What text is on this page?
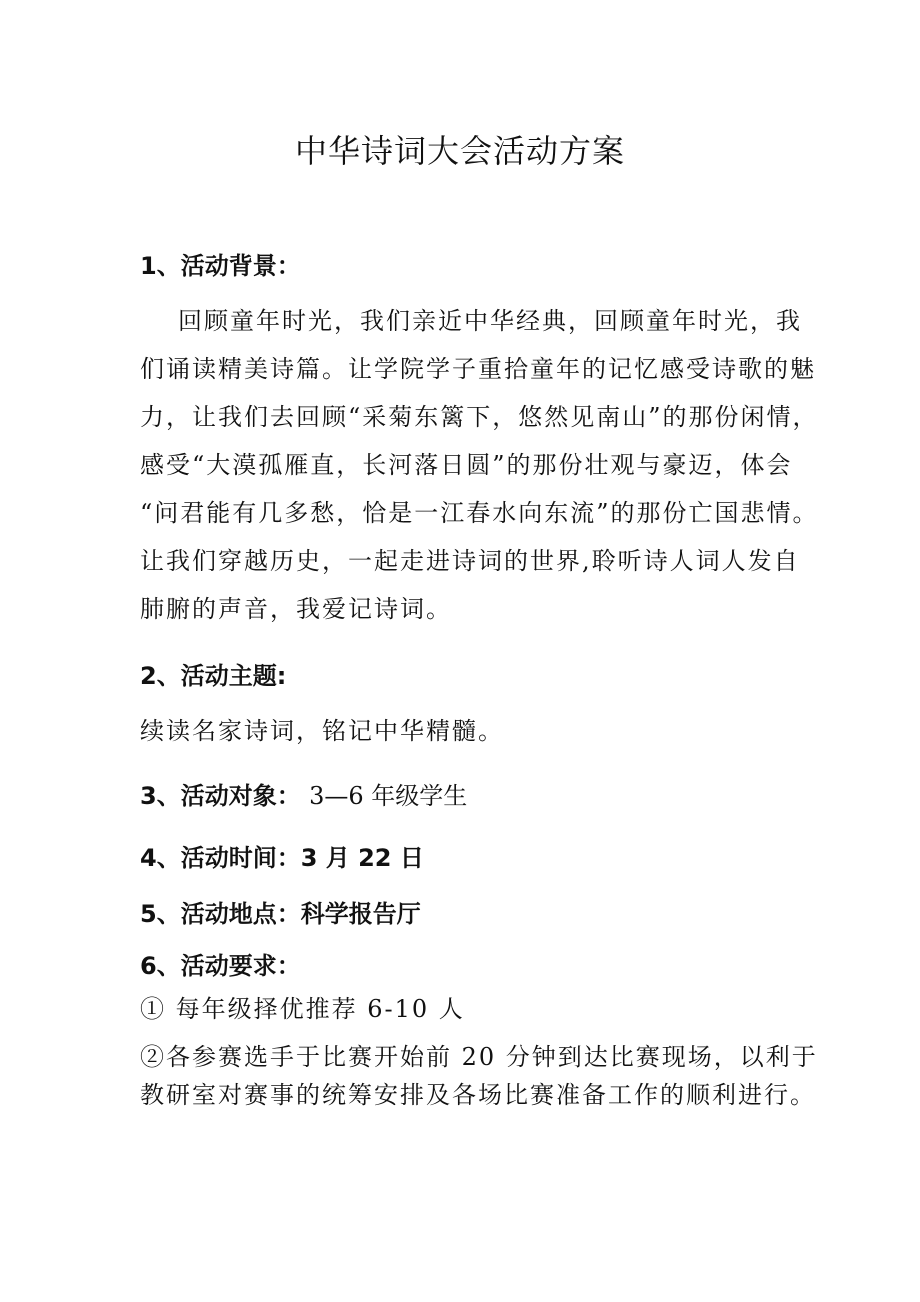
中华诗词大会活动方案
1、活动背景：
回顾童年时光，我们亲近中华经典，回顾童年时光，我
们诵读精美诗篇。让学院学子重拾童年的记忆感受诗歌的魅
力，让我们去回顾“采菊东篱下，悠然见南山”的那份闲情，
感受“大漠孤雁直，长河落日圆”的那份壮观与豪迈，体会
“问君能有几多愁，恰是一江春水向东流”的那份亡国悲情。
让我们穿越历史，一起走进诗词的世界,聆听诗人词人发自
肺腑的声音，我爱记诗词。
2、活动主题:
续读名家诗词，铭记中华精髓。
3、活动对象： 3—6 年级学生
4、活动时间：3 月 22 日
5、活动地点：科学报告厅
6、活动要求：
① 每年级择优推荐 6-10 人
②各参赛选手于比赛开始前 20 分钟到达比赛现场，以利于
教研室对赛事的统筹安排及各场比赛准备工作的顺利进行。
